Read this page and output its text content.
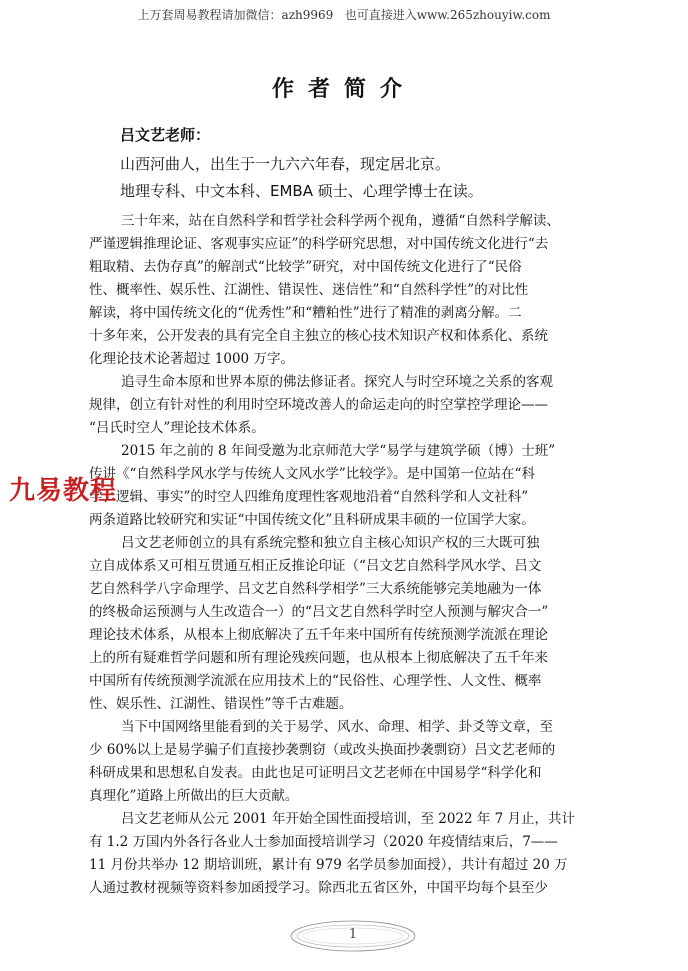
上万套周易教程请加微信：azh9969   也可直接进入www.265zhouyiw.com
作者简介
吕文艺老师：
山西河曲人，出生于一九六六年春，现定居北京。
地理专科、中文本科、EMBA 硕士、心理学博士在读。
三十年来，站在自然科学和哲学社会科学两个视角，遵循“自然科学解读、
严谨逻辑推理论证、客观事实应证”的科学研究思想，对中国传统文化进行“去
粗取精、去伪存真”的解剖式“比较学”研究，对中国传统文化进行了“民俗
性、概率性、娱乐性、江湖性、错误性、迷信性”和“自然科学性”的对比性
解读，将中国传统文化的“优秀性”和“糟粕性”进行了精准的剥离分解。二
十多年来，公开发表的具有完全自主独立的核心技术知识产权和体系化、系统
化理论技术论著超过 1000 万字。
追寻生命本原和世界本原的佛法修证者。探究人与时空环境之关系的客观
规律，创立有针对性的利用时空环境改善人的命运走向的时空掌控学理论——
“吕氏时空人”理论技术体系。
2015 年之前的 8 年间受邀为北京师范大学“易学与建筑学硕（博）士班”
传讲《“自然科学风水学与传统人文风水学”比较学》。是中国第一位站在“科
学、逻辑、事实”的时空人四维角度理性客观地沿着“自然科学和人文社科”
两条道路比较研究和实证“中国传统文化”且科研成果丰硕的一位国学大家。
吕文艺老师创立的具有系统完整和独立自主核心知识产权的三大既可独
立自成体系又可相互贯通互相正反推论印证（“吕文艺自然科学风水学、吕文
艺自然科学八字命理学、吕文艺自然科学相学”三大系统能够完美地融为一体
的终极命运预测与人生改造合一）的“吕文艺自然科学时空人预测与解灾合一”
理论技术体系，从根本上彻底解决了五千年来中国所有传统预测学流派在理论
上的所有疑难哲学问题和所有理论残疾问题，也从根本上彻底解决了五千年来
中国所有传统预测学流派在应用技术上的“民俗性、心理学性、人文性、概率
性、娱乐性、江湖性、错误性”等千古难题。
当下中国网络里能看到的关于易学、风水、命理、相学、卦爻等文章，至
少 60%以上是易学骗子们直接抄袭剽窃（或改头换面抄袭剽窃）吕文艺老师的
科研成果和思想私自发表。由此也足可证明吕文艺老师在中国易学“科学化和
真理化”道路上所做出的巨大贡献。
吕文艺老师从公元 2001 年开始全国性面授培训，至 2022 年 7 月止，共计
有 1.2 万国内外各行各业人士参加面授培训学习（2020 年疫情结束后，7——
11 月份共举办 12 期培训班，累计有 979 名学员参加面授），共计有超过 20 万
人通过教材视频等资料参加函授学习。除西北五省区外，中国平均每个县至少
九易教程
1
